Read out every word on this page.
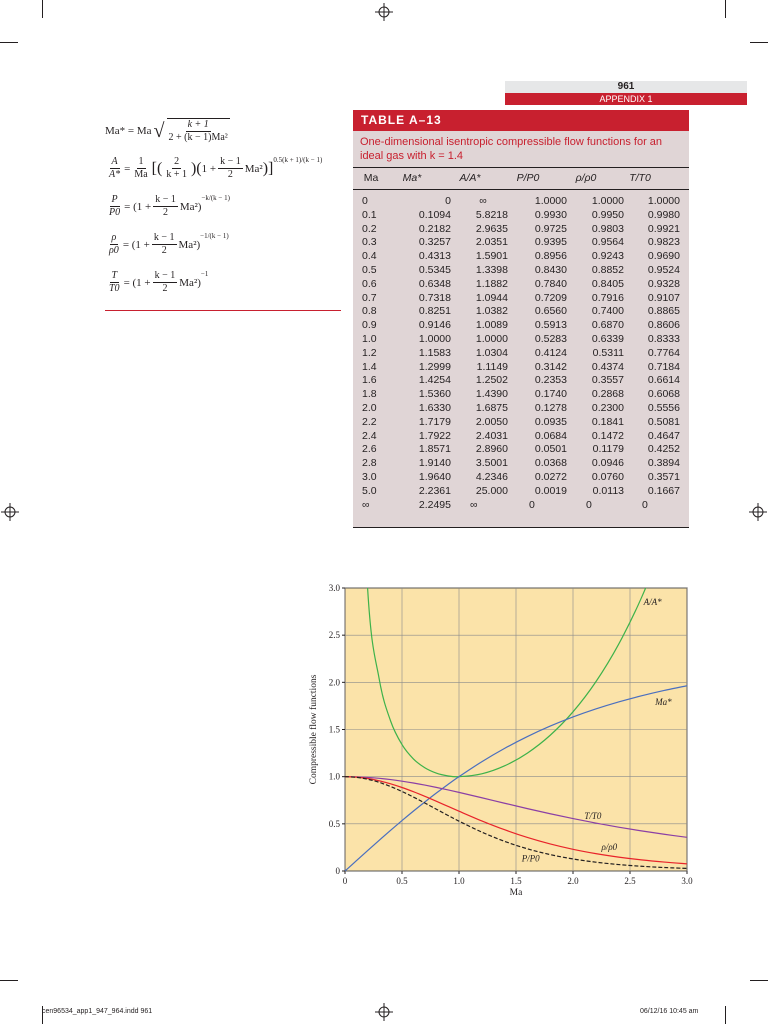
961
APPENDIX 1
Ma* = Ma √ $\frac{k + 1}{\text{2 + (k − 1)Ma²}}$
$\frac{A}{A*} = \frac{1}{Ma}$ [( $\frac{2}{k + 1}$ )( $1 + \frac{k - 1}{2} Ma^2$ )]$^{0.5(k + 1)/(k - 1)}$
$\frac{P}{P0} = (1 + \frac{k - 1}{2} Ma^2)$
$^{-k/(k - 1)}$
$\frac{\rho}{\rho 0} = (1 + \frac{k - 1}{2} Ma^2)$
$^{-1/(k - 1)}$
$\frac{T}{T0} = (1 + \frac{k - 1}{2} Ma^2)$
$^{-1}$
TABLE A–13
One-dimensional isentropic compressible flow functions for an ideal gas with k = 1.4
Ma	Ma*	A/A*	P/P0	ρ/ρ0	T/T0
0	0	∞	1.0000	1.0000	1.0000
0.1	0.1094	5.8218	0.9930	0.9950	0.9980
0.2	0.2182	2.9635	0.9725	0.9803	0.9921
0.3	0.3257	2.0351	0.9395	0.9564	0.9823
0.4	0.4313	1.5901	0.8956	0.9243	0.9690
0.5	0.5345	1.3398	0.8430	0.8852	0.9524
0.6	0.6348	1.1882	0.7840	0.8405	0.9328
0.7	0.7318	1.0944	0.7209	0.7916	0.9107
0.8	0.8251	1.0382	0.6560	0.7400	0.8865
0.9	0.9146	1.0089	0.5913	0.6870	0.8606
1.0	1.0000	1.0000	0.5283	0.6339	0.8333
1.2	1.1583	1.0304	0.4124	0.5311	0.7764
1.4	1.2999	1.1149	0.3142	0.4374	0.7184
1.6	1.4254	1.2502	0.2353	0.3557	0.6614
1.8	1.5360	1.4390	0.1740	0.2868	0.6068
2.0	1.6330	1.6875	0.1278	0.2300	0.5556
2.2	1.7179	2.0050	0.0935	0.1841	0.5081
2.4	1.7922	2.4031	0.0684	0.1472	0.4647
2.6	1.8571	2.8960	0.0501	0.1179	0.4252
2.8	1.9140	3.5001	0.0368	0.0946	0.3894
3.0	1.9640	4.2346	0.0272	0.0760	0.3571
5.0	2.2361	25.000	0.0019	0.0113	0.1667
∞	2.2495 ∞	0	0	0
0	0.5	1.0	1.5	2.0	2.5	3.0
0
0.5
1.0
1.5
2.0
2.5
3.0
Ma
Compressible flow functions
A/A*
Ma*
T/T0
ρ/ρ0
P/P0
cen96534_app1_947_964.indd 961	06/12/16 10:45 am
